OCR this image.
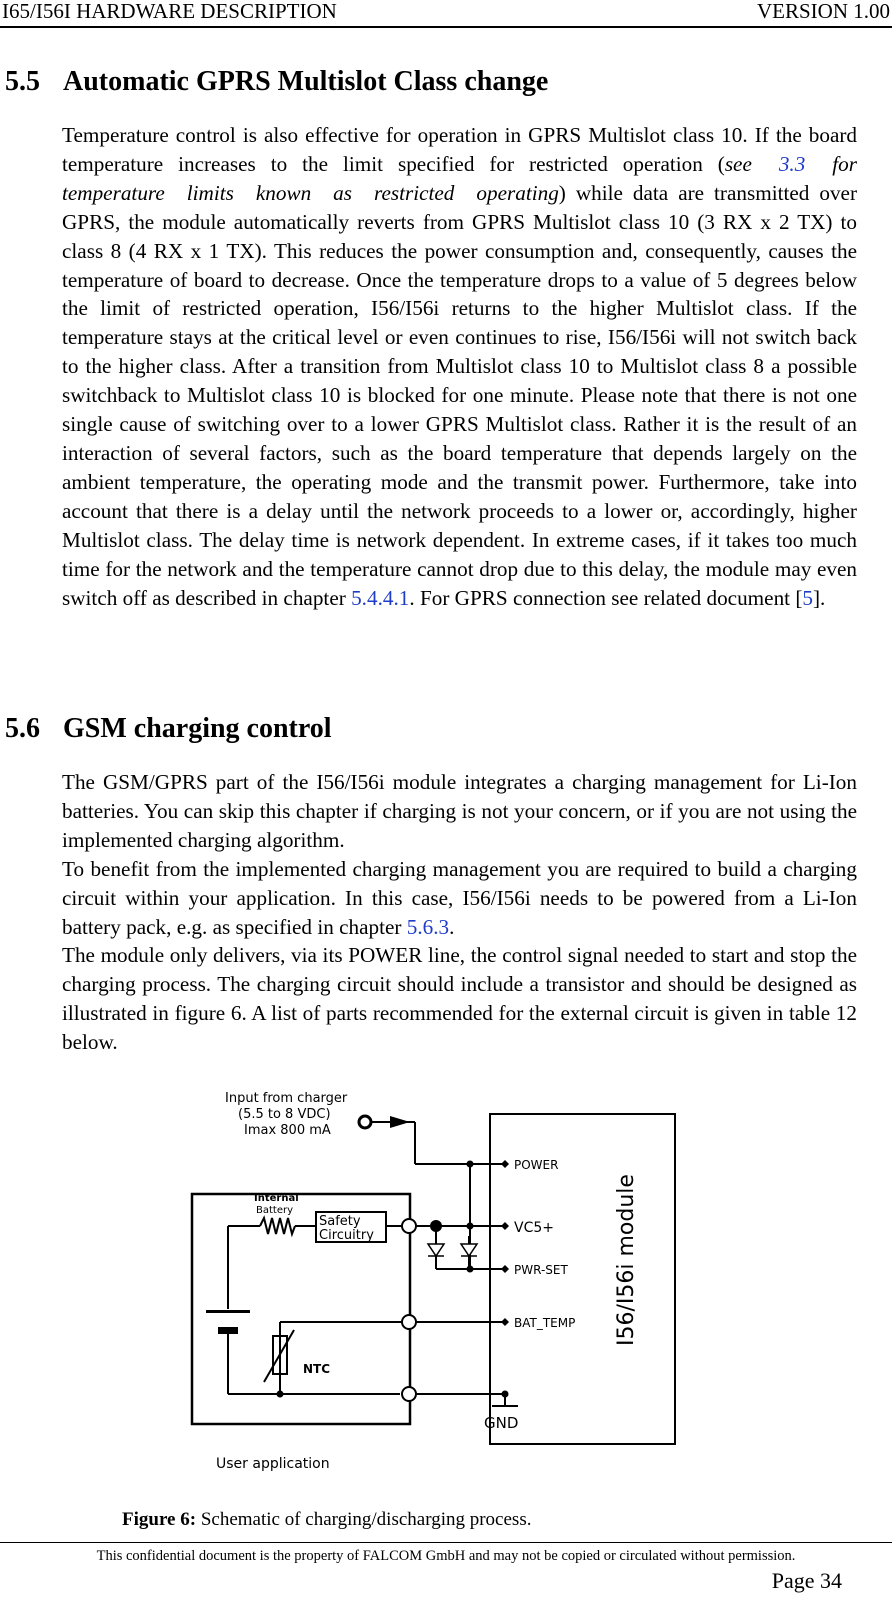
I65/I56I HARDWARE DESCRIPTION	VERSION 1.00
5.5 Automatic GPRS Multislot Class change

Temperature control is also effective for operation in GPRS Multislot class 10. If the board temperature increases to the limit specified for restricted operation (see 3.3 for temperature limits known as restricted operating) while data are transmitted over GPRS, the module automatically reverts from GPRS Multislot class 10 (3 RX x 2 TX) to class 8 (4 RX x 1 TX). This reduces the power consumption and, consequently, causes the temperature of board to decrease. Once the temperature drops to a value of 5 degrees below the limit of restricted operation, I56/I56i returns to the higher Multislot class. If the temperature stays at the critical level or even continues to rise, I56/I56i will not switch back to the higher class. After a transition from Multislot class 10 to Multislot class 8 a possible switchback to Multislot class 10 is blocked for one minute. Please note that there is not one single cause of switching over to a lower GPRS Multislot class. Rather it is the result of an interaction of several factors, such as the board temperature that depends largely on the ambient temperature, the operating mode and the transmit power. Furthermore, take into account that there is a delay until the network proceeds to a lower or, accordingly, higher Multislot class. The delay time is network dependent. In extreme cases, if it takes too much time for the network and the temperature cannot drop due to this delay, the module may even switch off as described in chapter 5.4.4.1. For GPRS connection see related document [5].

5.6 GSM charging control

The GSM/GPRS part of the I56/I56i module integrates a charging management for Li-Ion batteries. You can skip this chapter if charging is not your concern, or if you are not using the implemented charging algorithm.

To benefit from the implemented charging management you are required to build a charging circuit within your application. In this case, I56/I56i needs to be powered from a Li-Ion battery pack, e.g. as specified in chapter 5.6.3.

The module only delivers, via its POWER line, the control signal needed to start and stop the charging process. The charging circuit should include a transistor and should be designed as illustrated in figure 6. A list of parts recommended for the external circuit is given in table 12 below.

Input from charger
(5.5 to 8 VDC)
Imax 800 mA
Internal
Battery
Safety
Circuitry
NTC
POWER
VC5+
PWR-SET
BAT_TEMP
GND
I56/I56i module
User application
Figure 6: Schematic of charging/discharging process.
This confidential document is the property of FALCOM GmbH and may not be copied or circulated without permission.
Page 34
